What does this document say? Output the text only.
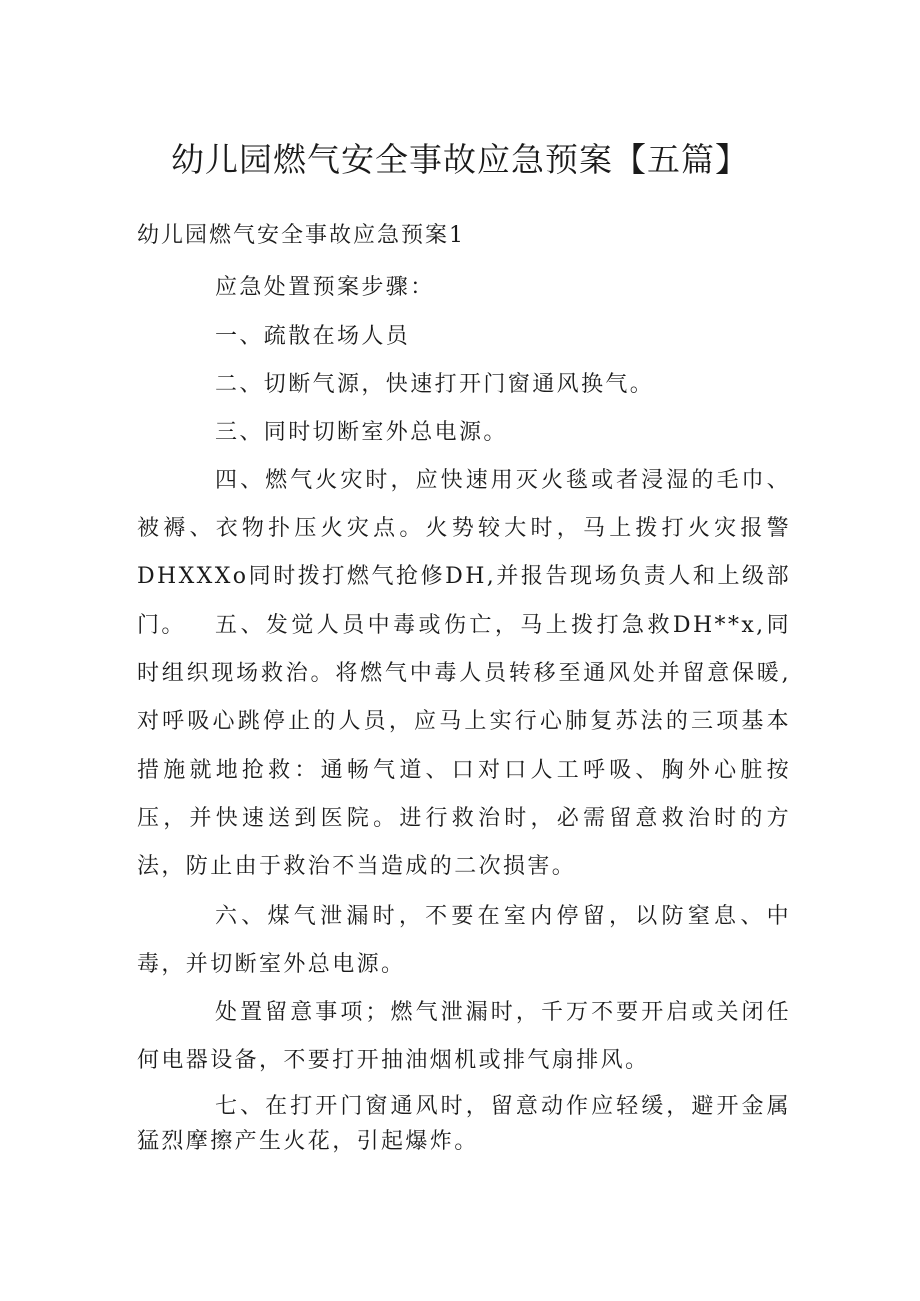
幼儿园燃气安全事故应急预案【五篇】

幼儿园燃气安全事故应急预案1

应急处置预案步骤：

一、疏散在场人员

二、切断气源，快速打开门窗通风换气。

三、同时切断室外总电源。

四、燃气火灾时，应快速用灭火毯或者浸湿的毛巾、被褥、衣物扑压火灾点。火势较大时，马上拨打火灾报警DHXXXo同时拨打燃气抢修DH,并报告现场负责人和上级部门。	五、发觉人员中毒或伤亡，马上拨打急救DH**x,同时组织现场救治。将燃气中毒人员转移至通风处并留意保暖,对呼吸心跳停止的人员，应马上实行心肺复苏法的三项基本措施就地抢救：通畅气道、口对口人工呼吸、胸外心脏按压，并快速送到医院。进行救治时，必需留意救治时的方法，防止由于救治不当造成的二次损害。

六、煤气泄漏时，不要在室内停留，以防窒息、中毒，并切断室外总电源。

处置留意事项；燃气泄漏时，千万不要开启或关闭任何电器设备，不要打开抽油烟机或排气扇排风。

七、在打开门窗通风时，留意动作应轻缓，避开金属猛烈摩擦产生火花，引起爆炸。
